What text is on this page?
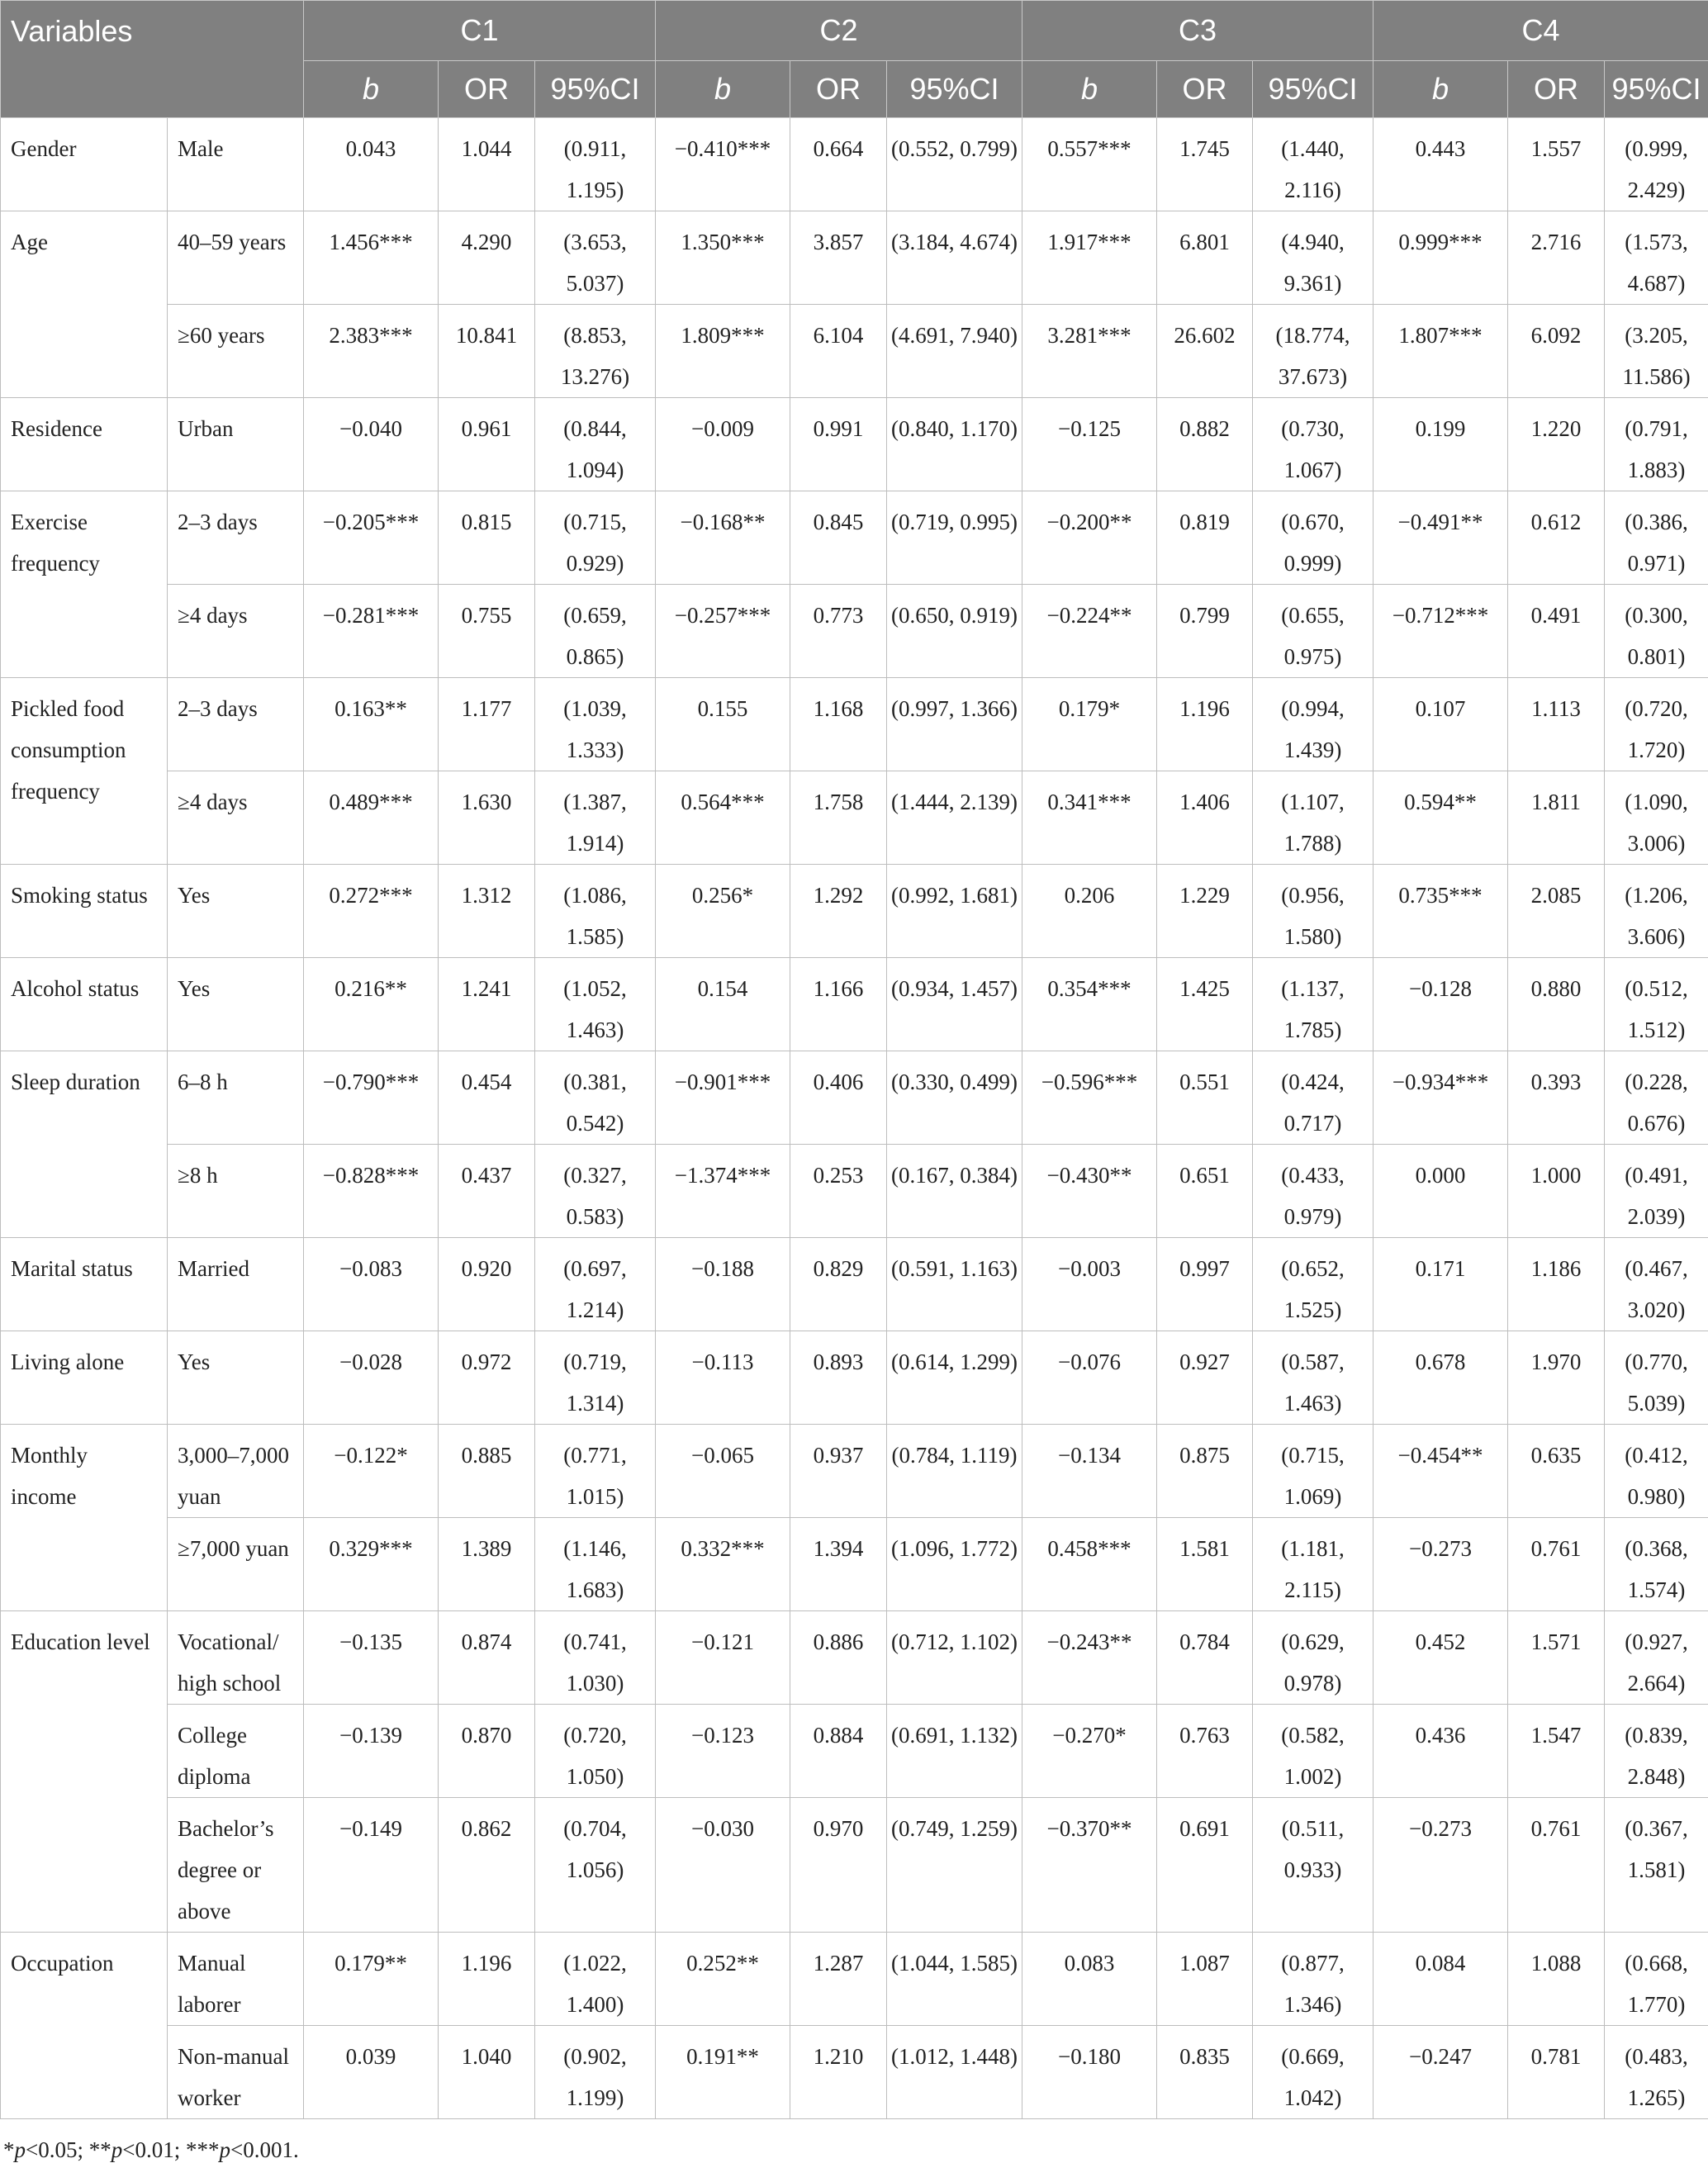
Variables		C1			C2			C3			C4		
		b	OR	95%CI	b	OR	95%CI	b	OR	95%CI	b	OR	95%CI
Gender	Male	0.043	1.044	(0.911, 1.195)	−0.410***	0.664	(0.552, 0.799)	0.557***	1.745	(1.440, 2.116)	0.443	1.557	(0.999, 2.429)
Age	40–59 years	1.456***	4.290	(3.653, 5.037)	1.350***	3.857	(3.184, 4.674)	1.917***	6.801	(4.940, 9.361)	0.999***	2.716	(1.573, 4.687)
	≥60 years	2.383***	10.841	(8.853, 13.276)	1.809***	6.104	(4.691, 7.940)	3.281***	26.602	(18.774, 37.673)	1.807***	6.092	(3.205, 11.586)
Residence	Urban	−0.040	0.961	(0.844, 1.094)	−0.009	0.991	(0.840, 1.170)	−0.125	0.882	(0.730, 1.067)	0.199	1.220	(0.791, 1.883)
Exercise frequency	2–3 days	−0.205***	0.815	(0.715, 0.929)	−0.168**	0.845	(0.719, 0.995)	−0.200**	0.819	(0.670, 0.999)	−0.491**	0.612	(0.386, 0.971)
	≥4 days	−0.281***	0.755	(0.659, 0.865)	−0.257***	0.773	(0.650, 0.919)	−0.224**	0.799	(0.655, 0.975)	−0.712***	0.491	(0.300, 0.801)
Pickled food consumption frequency	2–3 days	0.163**	1.177	(1.039, 1.333)	0.155	1.168	(0.997, 1.366)	0.179*	1.196	(0.994, 1.439)	0.107	1.113	(0.720, 1.720)
	≥4 days	0.489***	1.630	(1.387, 1.914)	0.564***	1.758	(1.444, 2.139)	0.341***	1.406	(1.107, 1.788)	0.594**	1.811	(1.090, 3.006)
Smoking status	Yes	0.272***	1.312	(1.086, 1.585)	0.256*	1.292	(0.992, 1.681)	0.206	1.229	(0.956, 1.580)	0.735***	2.085	(1.206, 3.606)
Alcohol status	Yes	0.216**	1.241	(1.052, 1.463)	0.154	1.166	(0.934, 1.457)	0.354***	1.425	(1.137, 1.785)	−0.128	0.880	(0.512, 1.512)
Sleep duration	6–8 h	−0.790***	0.454	(0.381, 0.542)	−0.901***	0.406	(0.330, 0.499)	−0.596***	0.551	(0.424, 0.717)	−0.934***	0.393	(0.228, 0.676)
	≥8 h	−0.828***	0.437	(0.327, 0.583)	−1.374***	0.253	(0.167, 0.384)	−0.430**	0.651	(0.433, 0.979)	0.000	1.000	(0.491, 2.039)
Marital status	Married	−0.083	0.920	(0.697, 1.214)	−0.188	0.829	(0.591, 1.163)	−0.003	0.997	(0.652, 1.525)	0.171	1.186	(0.467, 3.020)
Living alone	Yes	−0.028	0.972	(0.719, 1.314)	−0.113	0.893	(0.614, 1.299)	−0.076	0.927	(0.587, 1.463)	0.678	1.970	(0.770, 5.039)
Monthly income	3,000–7,000 yuan	−0.122*	0.885	(0.771, 1.015)	−0.065	0.937	(0.784, 1.119)	−0.134	0.875	(0.715, 1.069)	−0.454**	0.635	(0.412, 0.980)
	≥7,000 yuan	0.329***	1.389	(1.146, 1.683)	0.332***	1.394	(1.096, 1.772)	0.458***	1.581	(1.181, 2.115)	−0.273	0.761	(0.368, 1.574)
Education level	Vocational/ high school	−0.135	0.874	(0.741, 1.030)	−0.121	0.886	(0.712, 1.102)	−0.243**	0.784	(0.629, 0.978)	0.452	1.571	(0.927, 2.664)
	College diploma	−0.139	0.870	(0.720, 1.050)	−0.123	0.884	(0.691, 1.132)	−0.270*	0.763	(0.582, 1.002)	0.436	1.547	(0.839, 2.848)
	Bachelor’s degree or above	−0.149	0.862	(0.704, 1.056)	−0.030	0.970	(0.749, 1.259)	−0.370**	0.691	(0.511, 0.933)	−0.273	0.761	(0.367, 1.581)
Occupation	Manual laborer	0.179**	1.196	(1.022, 1.400)	0.252**	1.287	(1.044, 1.585)	0.083	1.087	(0.877, 1.346)	0.084	1.088	(0.668, 1.770)
	Non-manual worker	0.039	1.040	(0.902, 1.199)	0.191**	1.210	(1.012, 1.448)	−0.180	0.835	(0.669, 1.042)	−0.247	0.781	(0.483, 1.265)
*p<0.05; **p<0.01; ***p<0.001.
